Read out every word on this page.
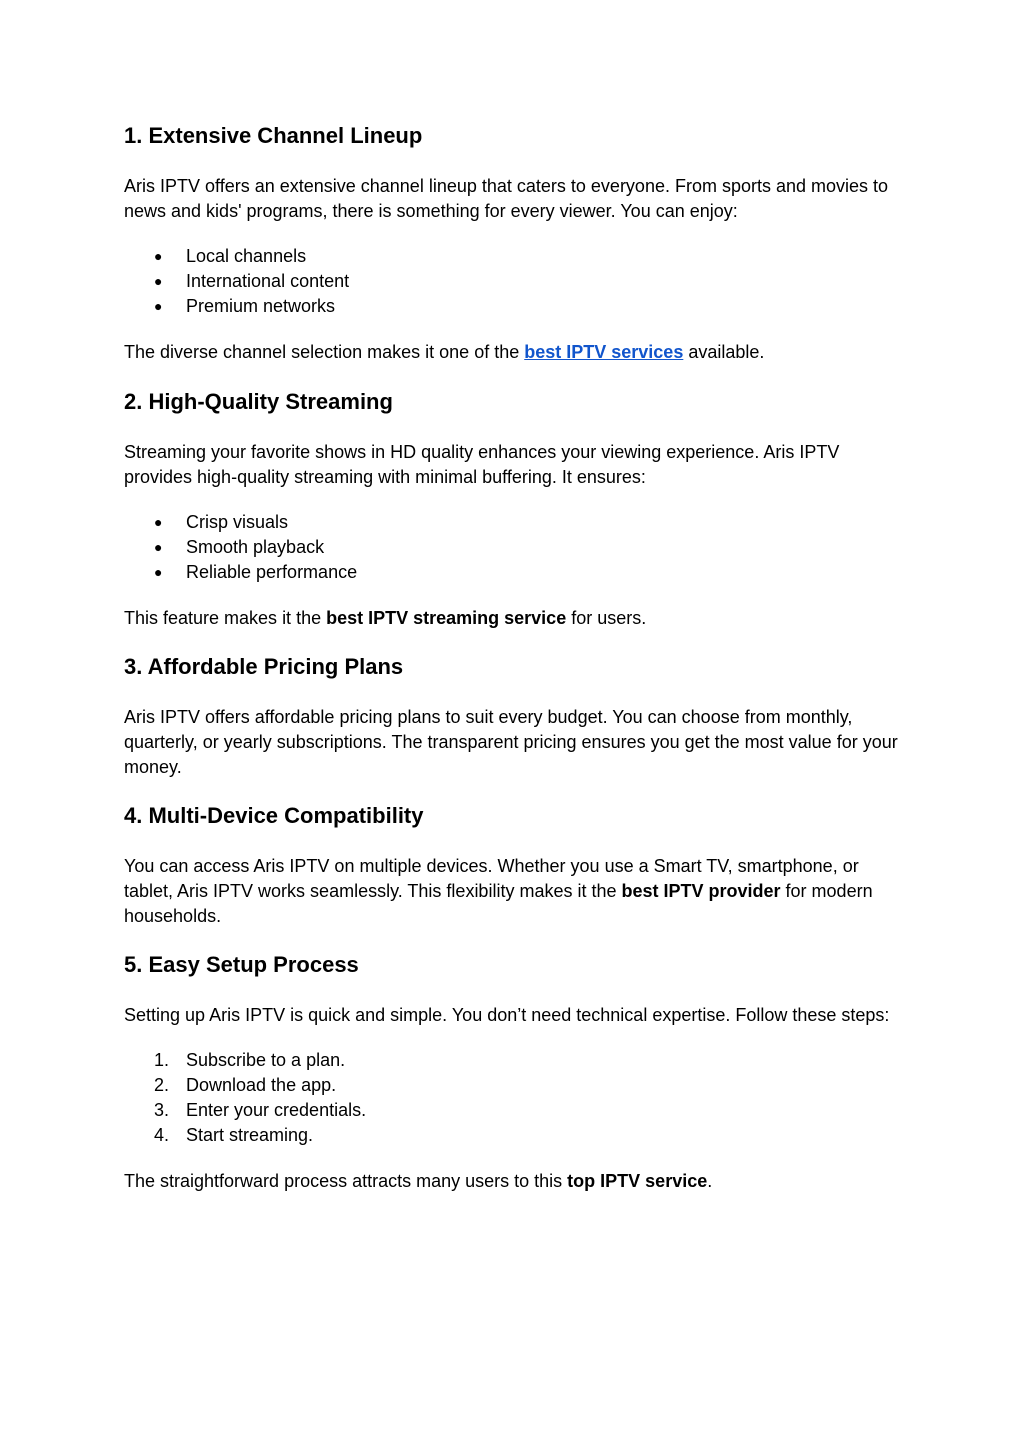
1. Extensive Channel Lineup

Aris IPTV offers an extensive channel lineup that caters to everyone. From sports and movies to news and kids' programs, there is something for every viewer. You can enjoy:

●	Local channels
●	International content
●	Premium networks

The diverse channel selection makes it one of the best IPTV services available.

2. High-Quality Streaming

Streaming your favorite shows in HD quality enhances your viewing experience. Aris IPTV provides high-quality streaming with minimal buffering. It ensures:

●	Crisp visuals
●	Smooth playback
●	Reliable performance

This feature makes it the best IPTV streaming service for users.

3. Affordable Pricing Plans

Aris IPTV offers affordable pricing plans to suit every budget. You can choose from monthly, quarterly, or yearly subscriptions. The transparent pricing ensures you get the most value for your money.

4. Multi-Device Compatibility

You can access Aris IPTV on multiple devices. Whether you use a Smart TV, smartphone, or tablet, Aris IPTV works seamlessly. This flexibility makes it the best IPTV provider for modern households.

5. Easy Setup Process

Setting up Aris IPTV is quick and simple. You don’t need technical expertise. Follow these steps:

1. Subscribe to a plan.
2. Download the app.
3. Enter your credentials.
4. Start streaming.

The straightforward process attracts many users to this top IPTV service.
